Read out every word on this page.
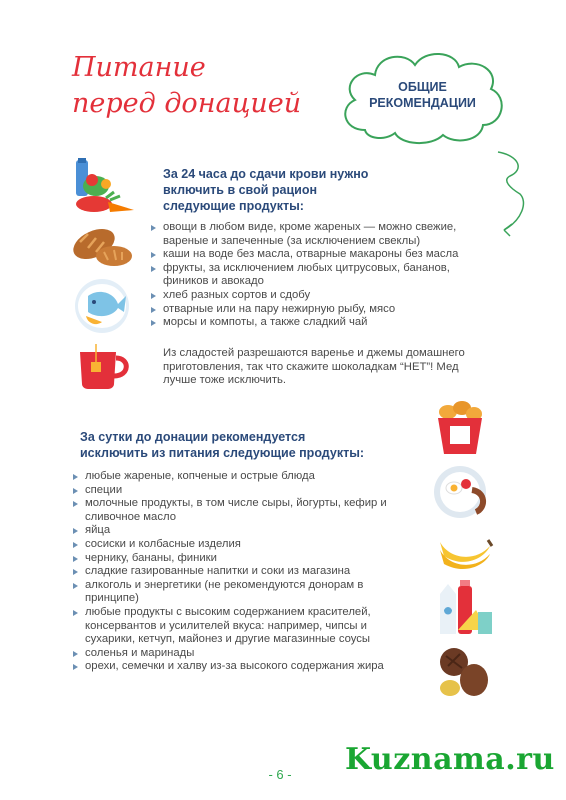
Питание
перед донацией
ОБЩИЕ
РЕКОМЕНДАЦИИ
За 24 часа до сдачи крови нужно
включить в свой рацион
следующие продукты:
овощи в любом виде, кроме жареных — можно свежие, вареные и запеченные (за исключением свеклы)
каши на воде без масла, отварные макароны без масла
фрукты, за исключением любых цитрусовых, бананов, фиников и авокадо
хлеб разных сортов и сдобу
отварные или на пару нежирную рыбу, мясо
морсы и компоты, а также сладкий чай
Из сладостей разрешаются варенье и джемы домашнего приготовления, так что скажите шоколадкам “НЕТ”! Мед лучше тоже исключить.
За сутки до донации рекомендуется
исключить из питания следующие продукты:
любые жареные, копченые и острые блюда
специи
молочные продукты, в том числе сыры, йогурты, кефир и сливочное масло
яйца
сосиски и колбасные изделия
чернику, бананы, финики
сладкие газированные напитки и соки из магазина
алкоголь и энергетики (не рекомендуются донорам в принципе)
любые продукты с высоким содержанием красителей, консервантов и усилителей вкуса: например, чипсы и сухарики, кетчуп, майонез и другие магазинные соусы
соленья и маринады
орехи, семечки и халву из-за высокого содержания жира
- 6 - Kuznama.ru
